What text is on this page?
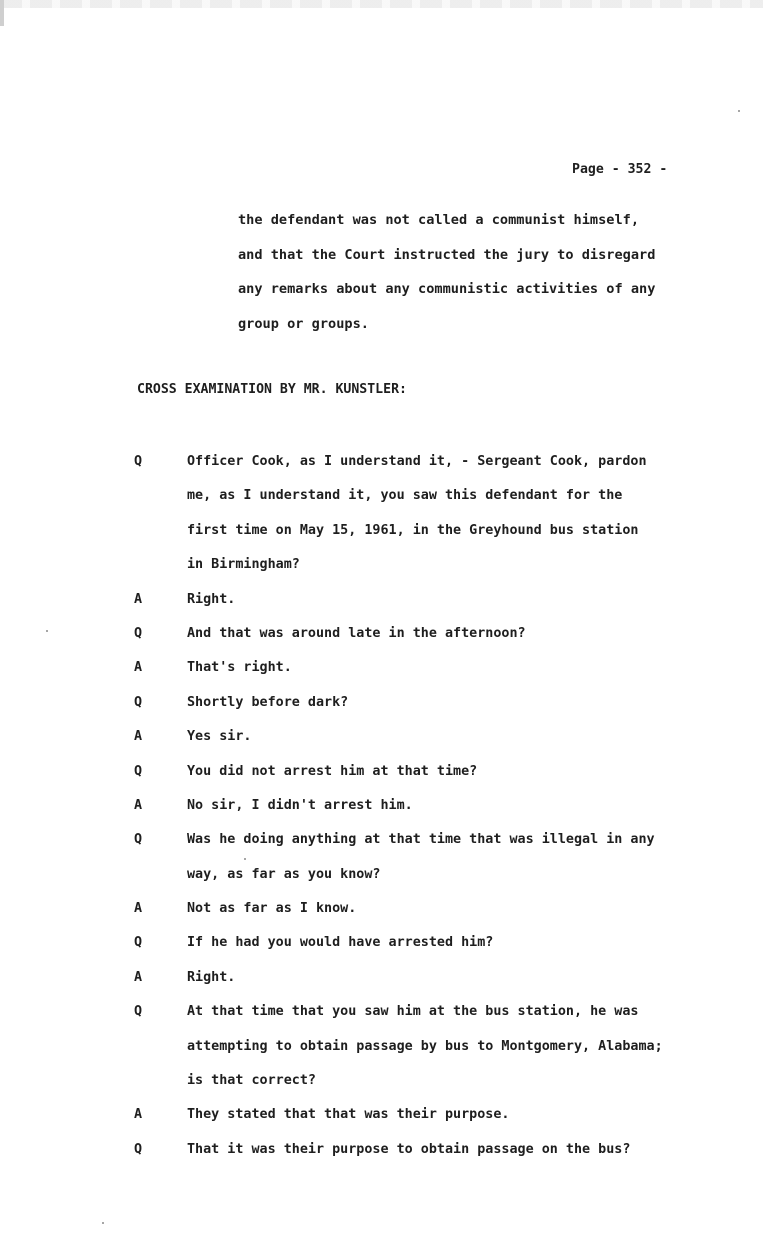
Page - 352 -
the defendant was not called a communist himself,
and that the Court instructed the jury to disregard
any remarks about any communistic activities of any
group or groups.
CROSS EXAMINATION BY MR. KUNSTLER:
Q	Officer Cook, as I understand it, - Sergeant Cook, pardon
me, as I understand it, you saw this defendant for the
first time on May 15, 1961, in the Greyhound bus station
in Birmingham?
A	Right.
Q	And that was around late in the afternoon?
A	That's right.
Q	Shortly before dark?
A	Yes sir.
Q	You did not arrest him at that time?
A	No sir, I didn't arrest him.
Q	Was he doing anything at that time that was illegal in any
way, as far as you know?
A	Not as far as I know.
Q	If he had you would have arrested him?
A	Right.
Q	At that time that you saw him at the bus station, he was
attempting to obtain passage by bus to Montgomery, Alabama;
is that correct?
A	They stated that that was their purpose.
Q	That it was their purpose to obtain passage on the bus?
